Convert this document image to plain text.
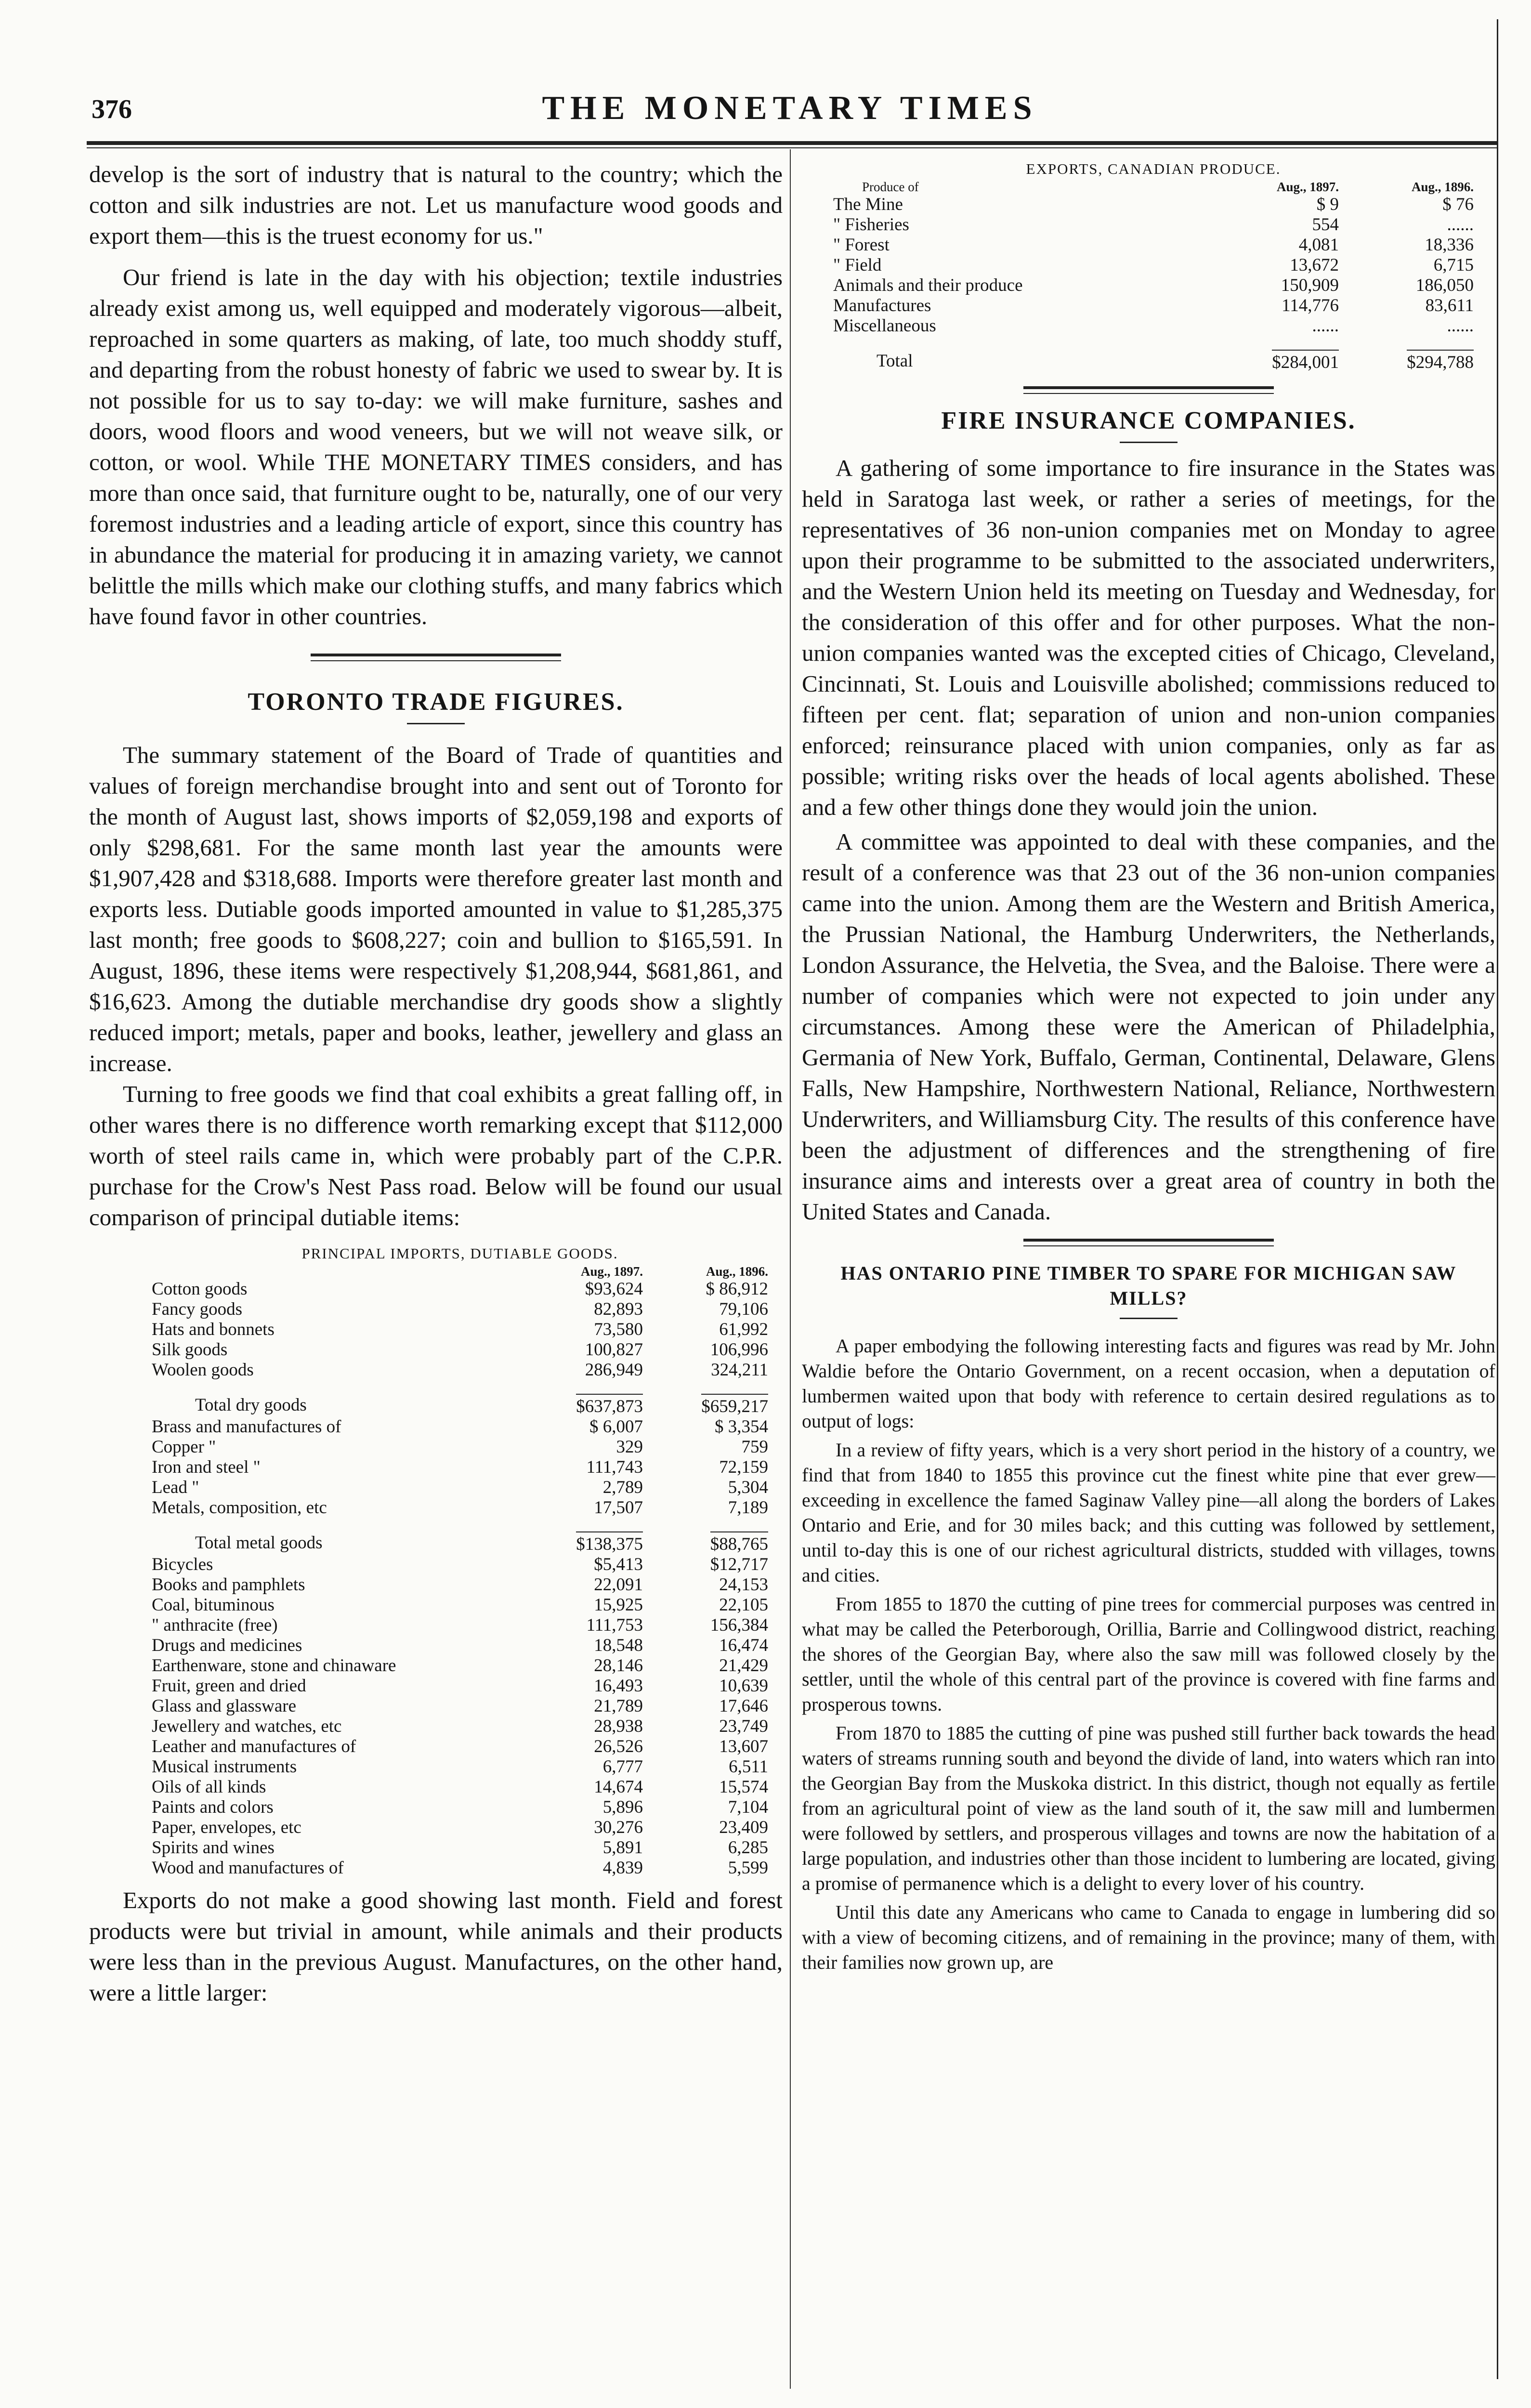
376	THE MONETARY TIMES

develop is the sort of industry that is natural to the country; which the cotton and silk industries are not. Let us manufacture wood goods and export them—this is the truest economy for us."

Our friend is late in the day with his objection; textile industries already exist among us, well equipped and moderately vigorous—albeit, reproached in some quarters as making, of late, too much shoddy stuff, and departing from the robust honesty of fabric we used to swear by. It is not possible for us to say to-day: we will make furniture, sashes and doors, wood floors and wood veneers, but we will not weave silk, or cotton, or wool. While THE MONETARY TIMES considers, and has more than once said, that furniture ought to be, naturally, one of our very foremost industries and a leading article of export, since this country has in abundance the material for producing it in amazing variety, we cannot belittle the mills which make our clothing stuffs, and many fabrics which have found favor in other countries.

TORONTO TRADE FIGURES.

The summary statement of the Board of Trade of quantities and values of foreign merchandise brought into and sent out of Toronto for the month of August last, shows imports of $2,059,198 and exports of only $298,681. For the same month last year the amounts were $1,907,428 and $318,688. Imports were therefore greater last month and exports less. Dutiable goods imported amounted in value to $1,285,375 last month; free goods to $608,227; coin and bullion to $165,591. In August, 1896, these items were respectively $1,208,944, $681,861, and $16,623. Among the dutiable merchandise dry goods show a slightly reduced import; metals, paper and books, leather, jewellery and glass an increase.

Turning to free goods we find that coal exhibits a great falling off, in other wares there is no difference worth remarking except that $112,000 worth of steel rails came in, which were probably part of the C.P.R. purchase for the Crow's Nest Pass road. Below will be found our usual comparison of principal dutiable items:

PRINCIPAL IMPORTS, DUTIABLE GOODS.		
	Aug., 1897.	Aug., 1896.
Cotton goods	$93,624	$ 86,912
Fancy goods	82,893	79,106
Hats and bonnets	73,580	61,992
Silk goods	100,827	106,996
Woolen goods	286,949	324,211

Total dry goods	$637,873	$659,217
Brass and manufactures of	$ 6,007	$ 3,354
Copper "	329	759
Iron and steel "	111,743	72,159
Lead "	2,789	5,304
Metals, composition, etc	17,507	7,189

Total metal goods	$138,375	$88,765
Bicycles	$5,413	$12,717
Books and pamphlets	22,091	24,153
Coal, bituminous	15,925	22,105
" anthracite (free)	111,753	156,384
Drugs and medicines	18,548	16,474
Earthenware, stone and chinaware	28,146	21,429
Fruit, green and dried	16,493	10,639
Glass and glassware	21,789	17,646
Jewellery and watches, etc	28,938	23,749
Leather and manufactures of	26,526	13,607
Musical instruments	6,777	6,511
Oils of all kinds	14,674	15,574
Paints and colors	5,896	7,104
Paper, envelopes, etc	30,276	23,409
Spirits and wines	5,891	6,285
Wood and manufactures of	4,839	5,599

Exports do not make a good showing last month. Field and forest products were but trivial in amount, while animals and their products were less than in the previous August. Manufactures, on the other hand, were a little larger:

EXPORTS, CANADIAN PRODUCE.		
Produce of	Aug., 1897.	Aug., 1896.
The Mine	$ 9	$ 76
" Fisheries	554	......
" Forest	4,081	18,336
" Field	13,672	6,715
Animals and their produce	150,909	186,050
Manufactures	114,776	83,611
Miscellaneous	......	......

Total	$284,001	$294,788
FIRE INSURANCE COMPANIES.

A gathering of some importance to fire insurance in the States was held in Saratoga last week, or rather a series of meetings, for the representatives of 36 non-union companies met on Monday to agree upon their programme to be submitted to the associated underwriters, and the Western Union held its meeting on Tuesday and Wednesday, for the consideration of this offer and for other purposes. What the non-union companies wanted was the excepted cities of Chicago, Cleveland, Cincinnati, St. Louis and Louisville abolished; commissions reduced to fifteen per cent. flat; separation of union and non-union companies enforced; reinsurance placed with union companies, only as far as possible; writing risks over the heads of local agents abolished. These and a few other things done they would join the union.

A committee was appointed to deal with these companies, and the result of a conference was that 23 out of the 36 non-union companies came into the union. Among them are the Western and British America, the Prussian National, the Hamburg Underwriters, the Netherlands, London Assurance, the Helvetia, the Svea, and the Baloise. There were a number of companies which were not expected to join under any circumstances. Among these were the American of Philadelphia, Germania of New York, Buffalo, German, Continental, Delaware, Glens Falls, New Hampshire, Northwestern National, Reliance, Northwestern Underwriters, and Williamsburg City. The results of this conference have been the adjustment of differences and the strengthening of fire insurance aims and interests over a great area of country in both the United States and Canada.

HAS ONTARIO PINE TIMBER TO SPARE FOR MICHIGAN SAW MILLS?

A paper embodying the following interesting facts and figures was read by Mr. John Waldie before the Ontario Government, on a recent occasion, when a deputation of lumbermen waited upon that body with reference to certain desired regulations as to output of logs:

In a review of fifty years, which is a very short period in the history of a country, we find that from 1840 to 1855 this province cut the finest white pine that ever grew—exceeding in excellence the famed Saginaw Valley pine—all along the borders of Lakes Ontario and Erie, and for 30 miles back; and this cutting was followed by settlement, until to-day this is one of our richest agricultural districts, studded with villages, towns and cities.

From 1855 to 1870 the cutting of pine trees for commercial purposes was centred in what may be called the Peterborough, Orillia, Barrie and Collingwood district, reaching the shores of the Georgian Bay, where also the saw mill was followed closely by the settler, until the whole of this central part of the province is covered with fine farms and prosperous towns.

From 1870 to 1885 the cutting of pine was pushed still further back towards the head waters of streams running south and beyond the divide of land, into waters which ran into the Georgian Bay from the Muskoka district. In this district, though not equally as fertile from an agricultural point of view as the land south of it, the saw mill and lumbermen were followed by settlers, and prosperous villages and towns are now the habitation of a large population, and industries other than those incident to lumbering are located, giving a promise of permanence which is a delight to every lover of his country.

Until this date any Americans who came to Canada to engage in lumbering did so with a view of becoming citizens, and of remaining in the province; many of them, with their families now grown up, are
